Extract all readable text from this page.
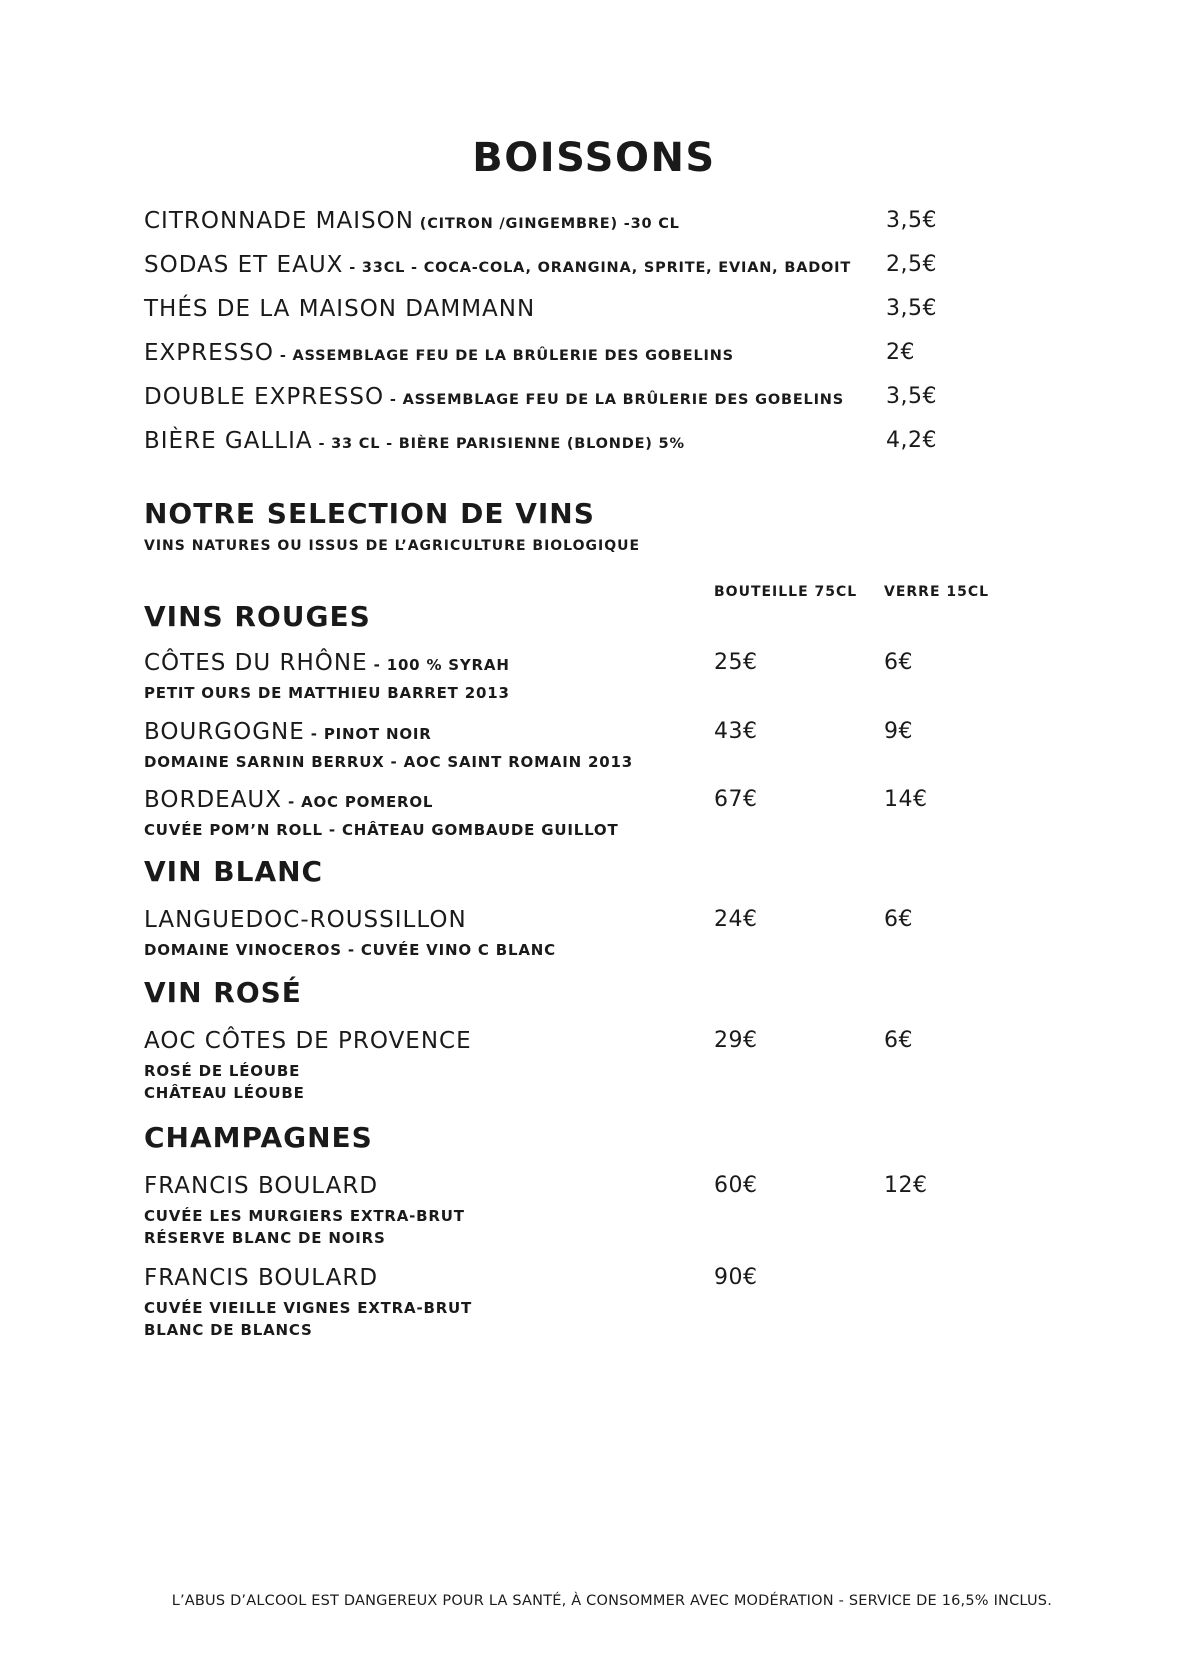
BOISSONS
CITRONNADE MAISON (CITRON /GINGEMBRE) -30 CL	3,5€
SODAS ET EAUX - 33CL - COCA-COLA, ORANGINA, SPRITE, EVIAN, BADOIT 2,5€
THÉS DE LA MAISON DAMMANN	3,5€
EXPRESSO - ASSEMBLAGE FEU DE LA BRÛLERIE DES GOBELINS	2€
DOUBLE EXPRESSO - ASSEMBLAGE FEU DE LA BRÛLERIE DES GOBELINS 3,5€
BIÈRE GALLIA - 33 CL - BIÈRE PARISIENNE (BLONDE) 5%	4,2€
NOTRE SELECTION DE VINS
VINS NATURES OU ISSUS DE L’AGRICULTURE BIOLOGIQUE
BOUTEILLE 75CL VERRE 15CL
VINS ROUGES
CÔTES DU RHÔNE - 100 % SYRAH
PETIT OURS DE MATTHIEU BARRET 2013
25€	6€
BOURGOGNE - PINOT NOIR
DOMAINE SARNIN BERRUX - AOC SAINT ROMAIN 2013
43€	9€
BORDEAUX - AOC POMEROL
CUVÉE POM’N ROLL - CHÂTEAU GOMBAUDE GUILLOT
67€	14€
VIN BLANC
LANGUEDOC-ROUSSILLON
DOMAINE VINOCEROS - CUVÉE VINO C BLANC
24€	6€
VIN ROSÉ
AOC CÔTES DE PROVENCE
ROSÉ DE LÉOUBE
CHÂTEAU LÉOUBE
29€	6€
CHAMPAGNES
FRANCIS BOULARD
CUVÉE LES MURGIERS EXTRA-BRUT
RÉSERVE BLANC DE NOIRS
60€	12€
FRANCIS BOULARD
CUVÉE VIEILLE VIGNES EXTRA-BRUT
BLANC DE BLANCS
90€
L’ABUS D’ALCOOL EST DANGEREUX POUR LA SANTÉ, À CONSOMMER AVEC MODÉRATION - SERVICE DE 16,5% INCLUS.
